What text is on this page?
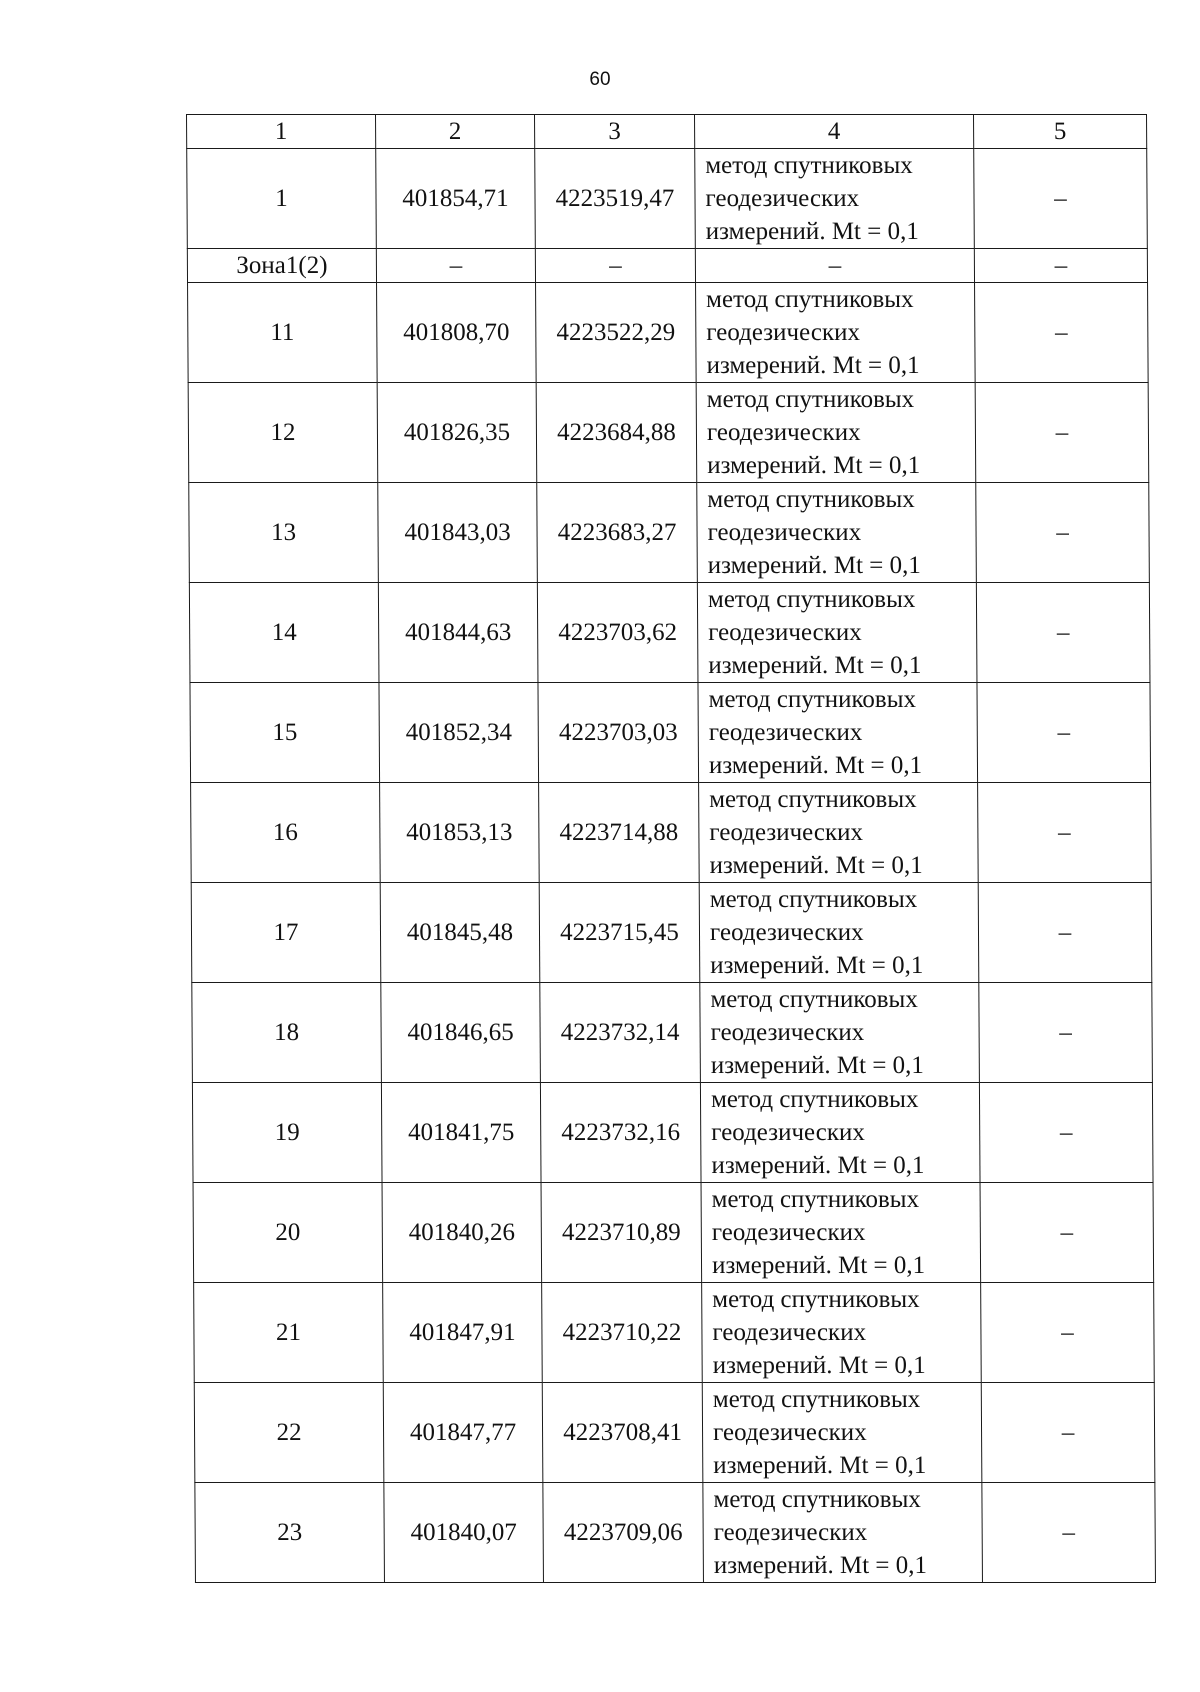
60
1	2	3	4	5
1	401854,71	4223519,47	метод спутниковых
геодезических
измерений. Mt = 0,1	–
Зона1(2)	–	–	–	–
11	401808,70	4223522,29	метод спутниковых
геодезических
измерений. Mt = 0,1	–
12	401826,35	4223684,88	метод спутниковых
геодезических
измерений. Mt = 0,1	–
13	401843,03	4223683,27	метод спутниковых
геодезических
измерений. Mt = 0,1	–
14	401844,63	4223703,62	метод спутниковых
геодезических
измерений. Mt = 0,1	–
15	401852,34	4223703,03	метод спутниковых
геодезических
измерений. Mt = 0,1	–
16	401853,13	4223714,88	метод спутниковых
геодезических
измерений. Mt = 0,1	–
17	401845,48	4223715,45	метод спутниковых
геодезических
измерений. Mt = 0,1	–
18	401846,65	4223732,14	метод спутниковых
геодезических
измерений. Mt = 0,1	–
19	401841,75	4223732,16	метод спутниковых
геодезических
измерений. Mt = 0,1	–
20	401840,26	4223710,89	метод спутниковых
геодезических
измерений. Mt = 0,1	–
21	401847,91	4223710,22	метод спутниковых
геодезических
измерений. Mt = 0,1	–
22	401847,77	4223708,41	метод спутниковых
геодезических
измерений. Mt = 0,1	–
23	401840,07	4223709,06	метод спутниковых
геодезических
измерений. Mt = 0,1	–
